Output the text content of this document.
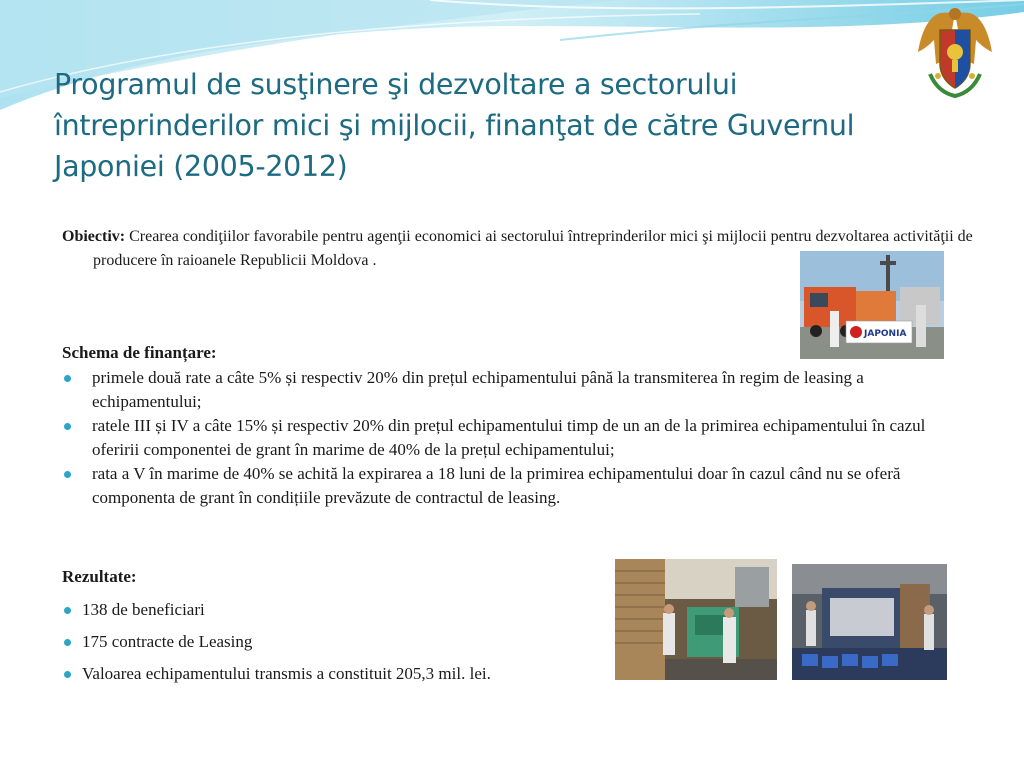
Programul de susţinere şi dezvoltare a sectorului întreprinderilor mici şi mijlocii, finanţat de către Guvernul Japoniei (2005-2012)

Obiectiv: Crearea condiţiilor favorabile pentru agenţii economici ai sectorului întreprinderilor mici şi mijlocii pentru dezvoltarea activităţii de producere în raioanele Republicii Moldova .

JAPONIA
Schema de finanțare:
primele două rate a câte 5% și respectiv 20% din prețul echipamentului până la transmiterea în regim de leasing a echipamentului;
ratele III și IV a câte 15% și respectiv 20% din prețul echipamentului timp de un an de la primirea echipamentului în cazul oferirii componentei de grant în marime de 40% de la prețul echipamentului;
rata a V în marime de 40% se achită la expirarea a 18 luni de la primirea echipamentului doar în cazul când nu se oferă componenta de grant în condițiile prevăzute de contractul de leasing.
Rezultate:
138 de beneficiari
175 contracte de Leasing
Valoarea echipamentului transmis a constituit 205,3 mil. lei.
